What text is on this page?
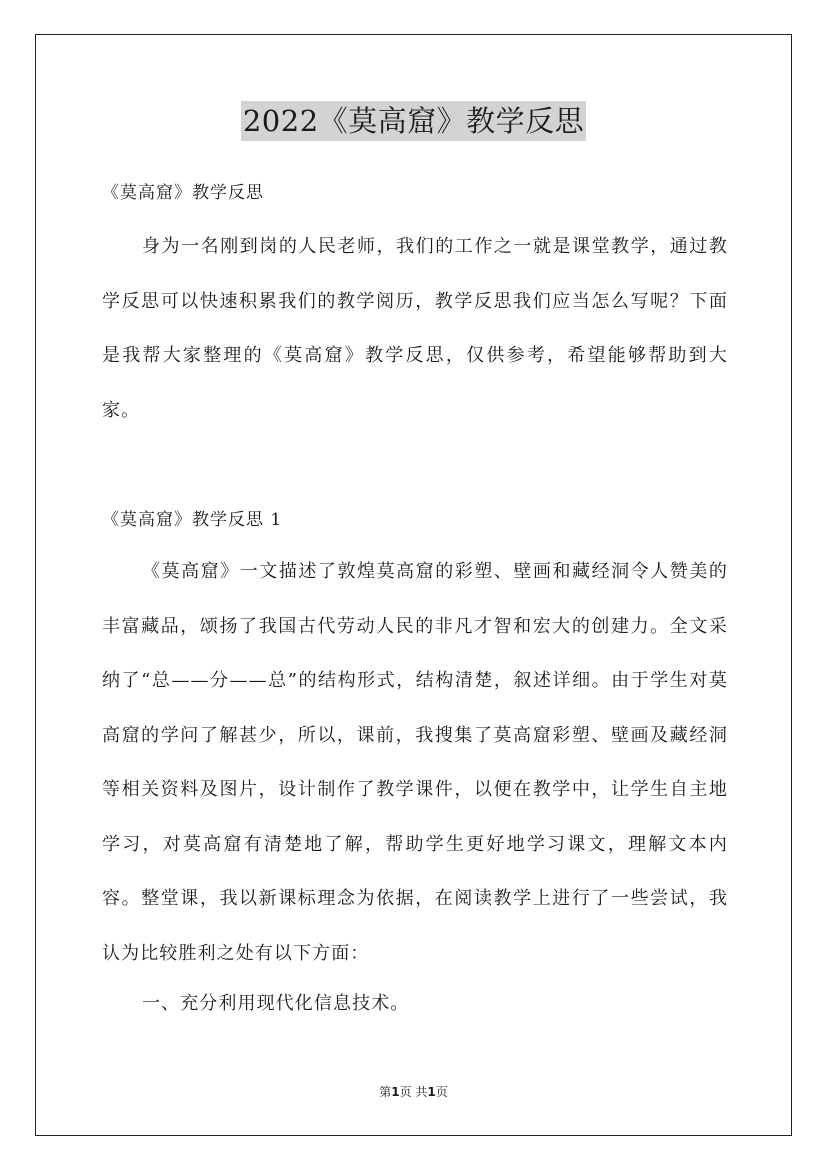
2022《莫高窟》教学反思
《莫高窟》教学反思

身为一名刚到岗的人民老师，我们的工作之一就是课堂教学，通过教学反思可以快速积累我们的教学阅历，教学反思我们应当怎么写呢？下面是我帮大家整理的《莫高窟》教学反思，仅供参考，希望能够帮助到大家。

《莫高窟》教学反思 1

《莫高窟》一文描述了敦煌莫高窟的彩塑、壁画和藏经洞令人赞美的丰富藏品，颂扬了我国古代劳动人民的非凡才智和宏大的创建力。全文采纳了“总——分——总”的结构形式，结构清楚，叙述详细。由于学生对莫高窟的学问了解甚少，所以，课前，我搜集了莫高窟彩塑、壁画及藏经洞等相关资料及图片，设计制作了教学课件，以便在教学中，让学生自主地学习，对莫高窟有清楚地了解，帮助学生更好地学习课文，理解文本内容。整堂课，我以新课标理念为依据，在阅读教学上进行了一些尝试，我认为比较胜利之处有以下方面：

一、充分利用现代化信息技术。
第1页 共1页
